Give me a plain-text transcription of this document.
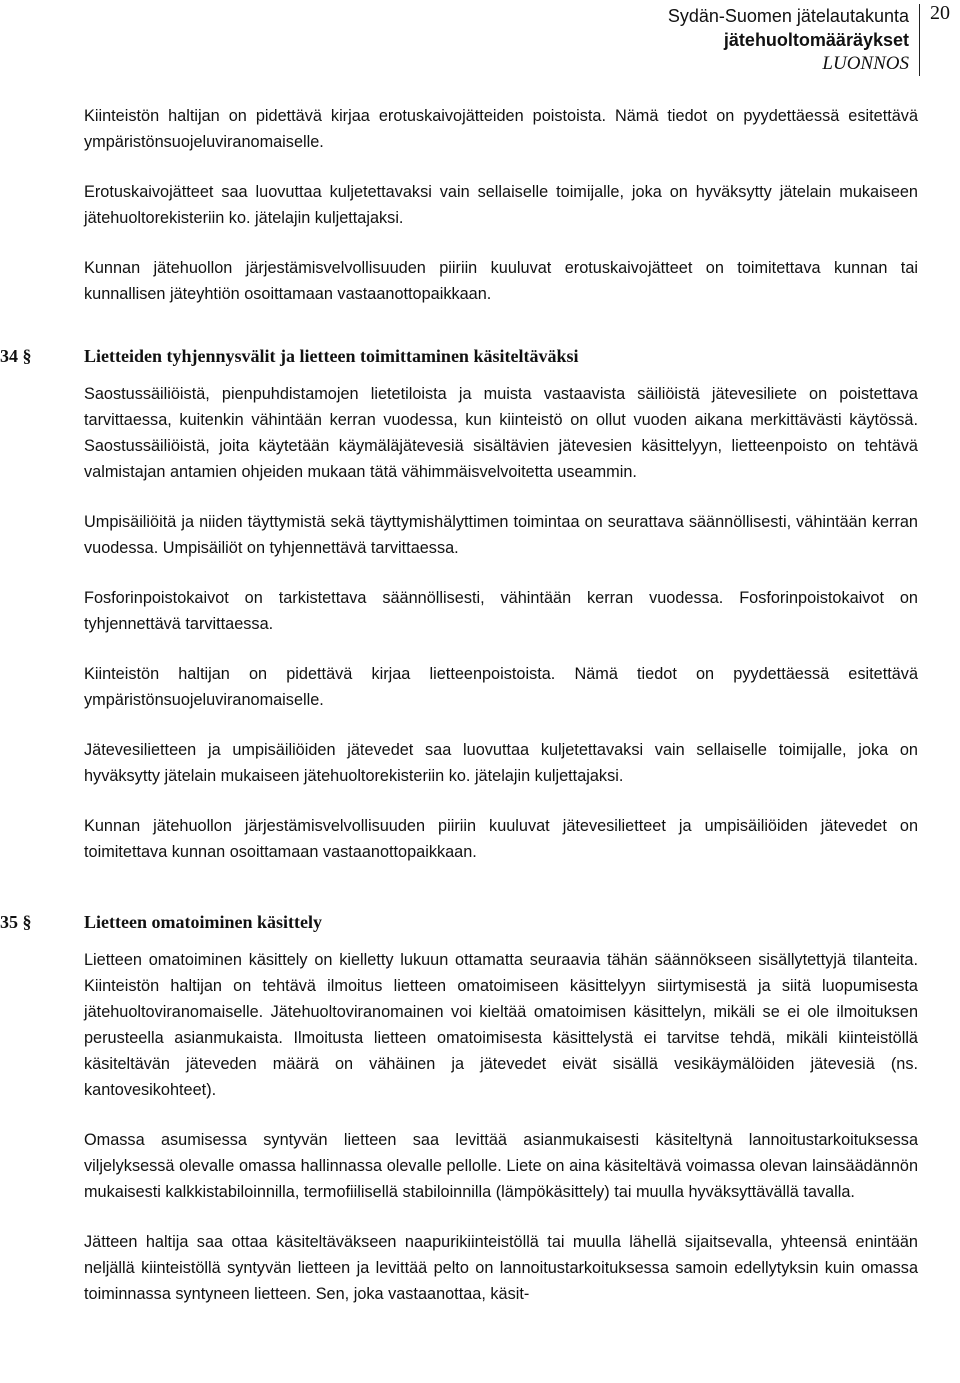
Sydän-Suomen jätelautakunta
jätehuoltomääräykset
LUONNOS
20

Kiinteistön haltijan on pidettävä kirjaa erotuskaivojätteiden poistoista. Nämä tiedot on pyydettäessä esitettävä ympäristönsuojeluviranomaiselle.

Erotuskaivojätteet saa luovuttaa kuljetettavaksi vain sellaiselle toimijalle, joka on hyväksytty jätelain mukaiseen jätehuoltorekisteriin ko. jätelajin kuljettajaksi.

Kunnan jätehuollon järjestämisvelvollisuuden piiriin kuuluvat erotuskaivojätteet on toimitettava kunnan tai kunnallisen jäteyhtiön osoittamaan vastaanottopaikkaan.

34 §	Lietteiden tyhjennysvälit ja lietteen toimittaminen käsiteltäväksi

Saostussäiliöistä, pienpuhdistamojen lietetiloista ja muista vastaavista säiliöistä jätevesiliete on poistettava tarvittaessa, kuitenkin vähintään kerran vuodessa, kun kiinteistö on ollut vuoden aikana merkittävästi käytössä. Saostussäiliöistä, joita käytetään käymäläjätevesiä sisältävien jätevesien käsittelyyn, lietteenpoisto on tehtävä valmistajan antamien ohjeiden mukaan tätä vähimmäisvelvoitetta useammin.

Umpisäiliöitä ja niiden täyttymistä sekä täyttymishälyttimen toimintaa on seurattava säännöllisesti, vähintään kerran vuodessa. Umpisäiliöt on tyhjennettävä tarvittaessa.

Fosforinpoistokaivot on tarkistettava säännöllisesti, vähintään kerran vuodessa. Fosforinpoistokaivot on tyhjennettävä tarvittaessa.

Kiinteistön haltijan on pidettävä kirjaa lietteenpoistoista. Nämä tiedot on pyydettäessä esitettävä ympäristönsuojeluviranomaiselle.

Jätevesilietteen ja umpisäiliöiden jätevedet saa luovuttaa kuljetettavaksi vain sellaiselle toimijalle, joka on hyväksytty jätelain mukaiseen jätehuoltorekisteriin ko. jätelajin kuljettajaksi.

Kunnan jätehuollon järjestämisvelvollisuuden piiriin kuuluvat jätevesilietteet ja umpisäiliöiden jätevedet on toimitettava kunnan osoittamaan vastaanottopaikkaan.

35 §	Lietteen omatoiminen käsittely

Lietteen omatoiminen käsittely on kielletty lukuun ottamatta seuraavia tähän säännökseen sisällytettyjä tilanteita. Kiinteistön haltijan on tehtävä ilmoitus lietteen omatoimiseen käsittelyyn siirtymisestä ja siitä luopumisesta jätehuoltoviranomaiselle. Jätehuoltoviranomainen voi kieltää omatoimisen käsittelyn, mikäli se ei ole ilmoituksen perusteella asianmukaista. Ilmoitusta lietteen omatoimisesta käsittelystä ei tarvitse tehdä, mikäli kiinteistöllä käsiteltävän jäteveden määrä on vähäinen ja jätevedet eivät sisällä vesikäymälöiden jätevesiä (ns. kantovesikohteet).

Omassa asumisessa syntyvän lietteen saa levittää asianmukaisesti käsiteltynä lannoitustarkoituksessa viljelyksessä olevalle omassa hallinnassa olevalle pellolle. Liete on aina käsiteltävä voimassa olevan lainsäädännön mukaisesti kalkkistabiloinnilla, termofiilisellä stabiloinnilla (lämpökäsittely) tai muulla hyväksyttävällä tavalla.

Jätteen haltija saa ottaa käsiteltäväkseen naapurikiinteistöllä tai muulla lähellä sijaitsevalla, yhteensä enintään neljällä kiinteistöllä syntyvän lietteen ja levittää pelto on lannoitustarkoituksessa samoin edellytyksin kuin omassa toiminnassa syntyneen lietteen. Sen, joka vastaanottaa, käsit-
